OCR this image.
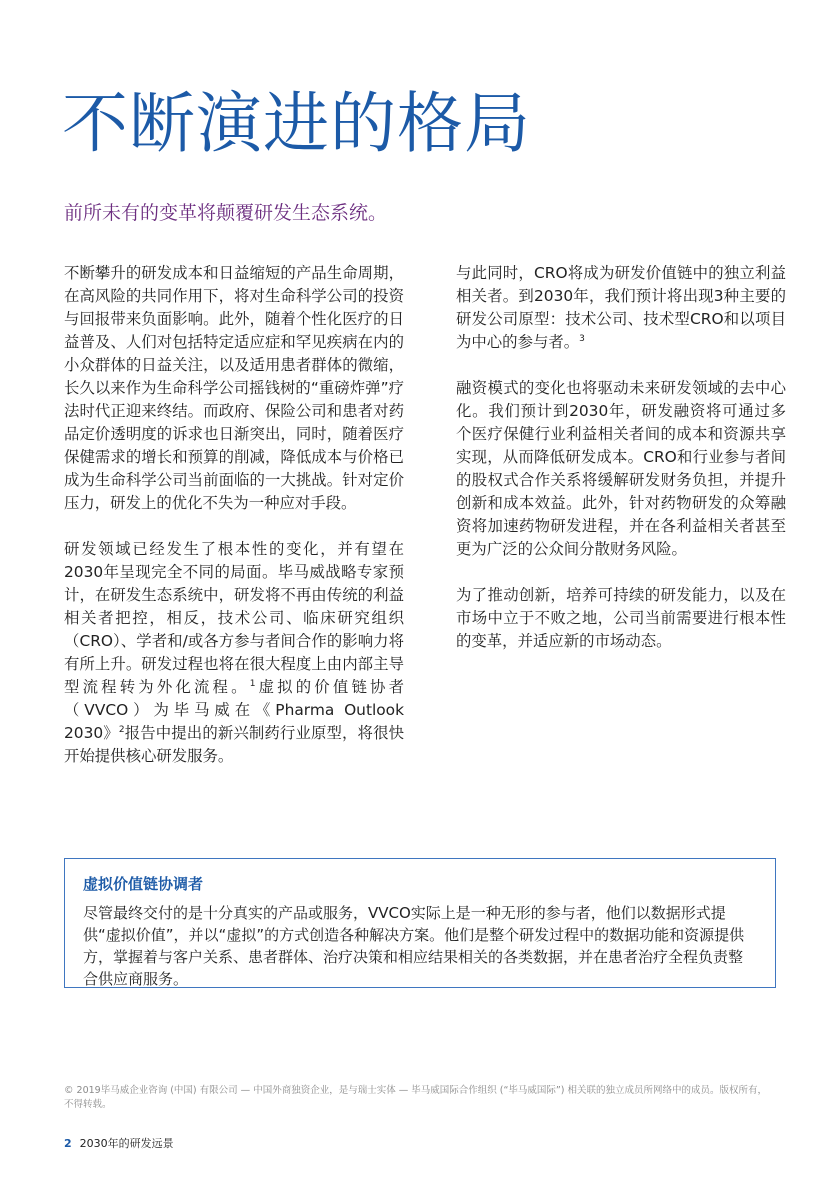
不断演进的格局

前所未有的变革将颠覆研发生态系统。

不断攀升的研发成本和日益缩短的产品生命周期，在高风险的共同作用下，将对生命科学公司的投资与回报带来负面影响。此外，随着个性化医疗的日益普及、人们对包括特定适应症和罕见疾病在内的小众群体的日益关注，以及适用患者群体的微缩，长久以来作为生命科学公司摇钱树的“重磅炸弹”疗法时代正迎来终结。而政府、保险公司和患者对药品定价透明度的诉求也日渐突出，同时，随着医疗保健需求的增长和预算的削减，降低成本与价格已成为生命科学公司当前面临的一大挑战。针对定价压力，研发上的优化不失为一种应对手段。

研发领域已经发生了根本性的变化，并有望在2030年呈现完全不同的局面。毕马威战略专家预计，在研发生态系统中，研发将不再由传统的利益相关者把控，相反，技术公司、临床研究组织（CRO）、学者和/或各方参与者间合作的影响力将有所上升。研发过程也将在很大程度上由内部主导型流程转为外化流程。$^1$虚拟的价值链协者（VVCO）为毕马威在《Pharma Outlook 2030》$^2$报告中提出的新兴制药行业原型，将很快开始提供核心研发服务。

与此同时，CRO将成为研发价值链中的独立利益相关者。到2030年，我们预计将出现3种主要的研发公司原型：技术公司、技术型CRO和以项目为中心的参与者。$^3$

融资模式的变化也将驱动未来研发领域的去中心化。我们预计到2030年，研发融资将可通过多个医疗保健行业利益相关者间的成本和资源共享实现，从而降低研发成本。CRO和行业参与者间的股权式合作关系将缓解研发财务负担，并提升创新和成本效益。此外，针对药物研发的众筹融资将加速药物研发进程，并在各利益相关者甚至更为广泛的公众间分散财务风险。

为了推动创新，培养可持续的研发能力，以及在市场中立于不败之地，公司当前需要进行根本性的变革，并适应新的市场动态。

虚拟价值链协调者

尽管最终交付的是十分真实的产品或服务，VVCO实际上是一种无形的参与者，他们以数据形式提供“虚拟价值”，并以“虚拟”的方式创造各种解决方案。他们是整个研发过程中的数据功能和资源提供方，掌握着与客户关系、患者群体、治疗决策和相应结果相关的各类数据，并在患者治疗全程负责整合供应商服务。

© 2019毕马威企业咨询 (中国) 有限公司 — 中国外商独资企业，是与瑞士实体 — 毕马威国际合作组织 (“毕马威国际”) 相关联的独立成员所网络中的成员。版权所有，不得转载。

2 2030年的研发远景
